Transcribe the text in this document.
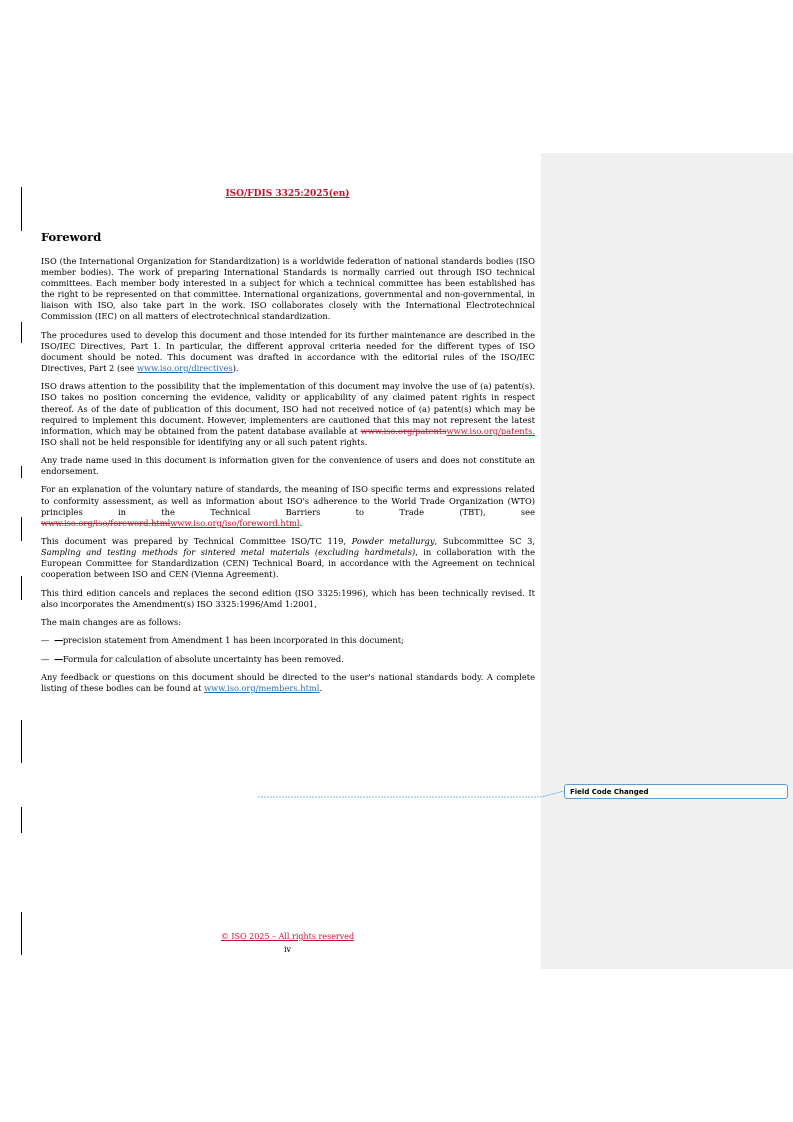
ISO/FDIS 3325:2025(en)
Foreword

ISO (the International Organization for Standardization) is a worldwide federation of national standards bodies (ISO member bodies). The work of preparing International Standards is normally carried out through ISO technical committees. Each member body interested in a subject for which a technical committee has been established has the right to be represented on that committee. International organizations, governmental and non-governmental, in liaison with ISO, also take part in the work. ISO collaborates closely with the International Electrotechnical Commission (IEC) on all matters of electrotechnical standardization.

The procedures used to develop this document and those intended for its further maintenance are described in the ISO/IEC Directives, Part 1. In particular, the different approval criteria needed for the different types of ISO document should be noted. This document was drafted in accordance with the editorial rules of the ISO/IEC Directives, Part 2 (see www.iso.org/directives).

ISO draws attention to the possibility that the implementation of this document may involve the use of (a) patent(s). ISO takes no position concerning the evidence, validity or applicability of any claimed patent rights in respect thereof. As of the date of publication of this document, ISO had not received notice of (a) patent(s) which may be required to implement this document. However, implementers are cautioned that this may not represent the latest information, which may be obtained from the patent database available at www.iso.org/patentswww.iso.org/patents. ISO shall not be held responsible for identifying any or all such patent rights.

Any trade name used in this document is information given for the convenience of users and does not constitute an endorsement.

For an explanation of the voluntary nature of standards, the meaning of ISO specific terms and expressions related to conformity assessment, as well as information about ISO's adherence to the World Trade Organization (WTO) principles in the Technical Barriers to Trade (TBT), see www.iso.org/iso/foreword.htmlwww.iso.org/iso/foreword.html.

This document was prepared by Technical Committee ISO/TC 119, Powder metallurgy, Subcommittee SC 3, Sampling and testing methods for sintered metal materials (excluding hardmetals), in collaboration with the European Committee for Standardization (CEN) Technical Board, in accordance with the Agreement on technical cooperation between ISO and CEN (Vienna Agreement).

This third edition cancels and replaces the second edition (ISO 3325:1996), which has been technically revised. It also incorporates the Amendment(s) ISO 3325:1996/Amd 1:2001,

The main changes are as follows:

— —precision statement from Amendment 1 has been incorporated in this document;

— —Formula for calculation of absolute uncertainty has been removed.

Any feedback or questions on this document should be directed to the user's national standards body. A complete listing of these bodies can be found at www.iso.org/members.html.

Field Code Changed
© ISO 2025 – All rights reserved
iv
